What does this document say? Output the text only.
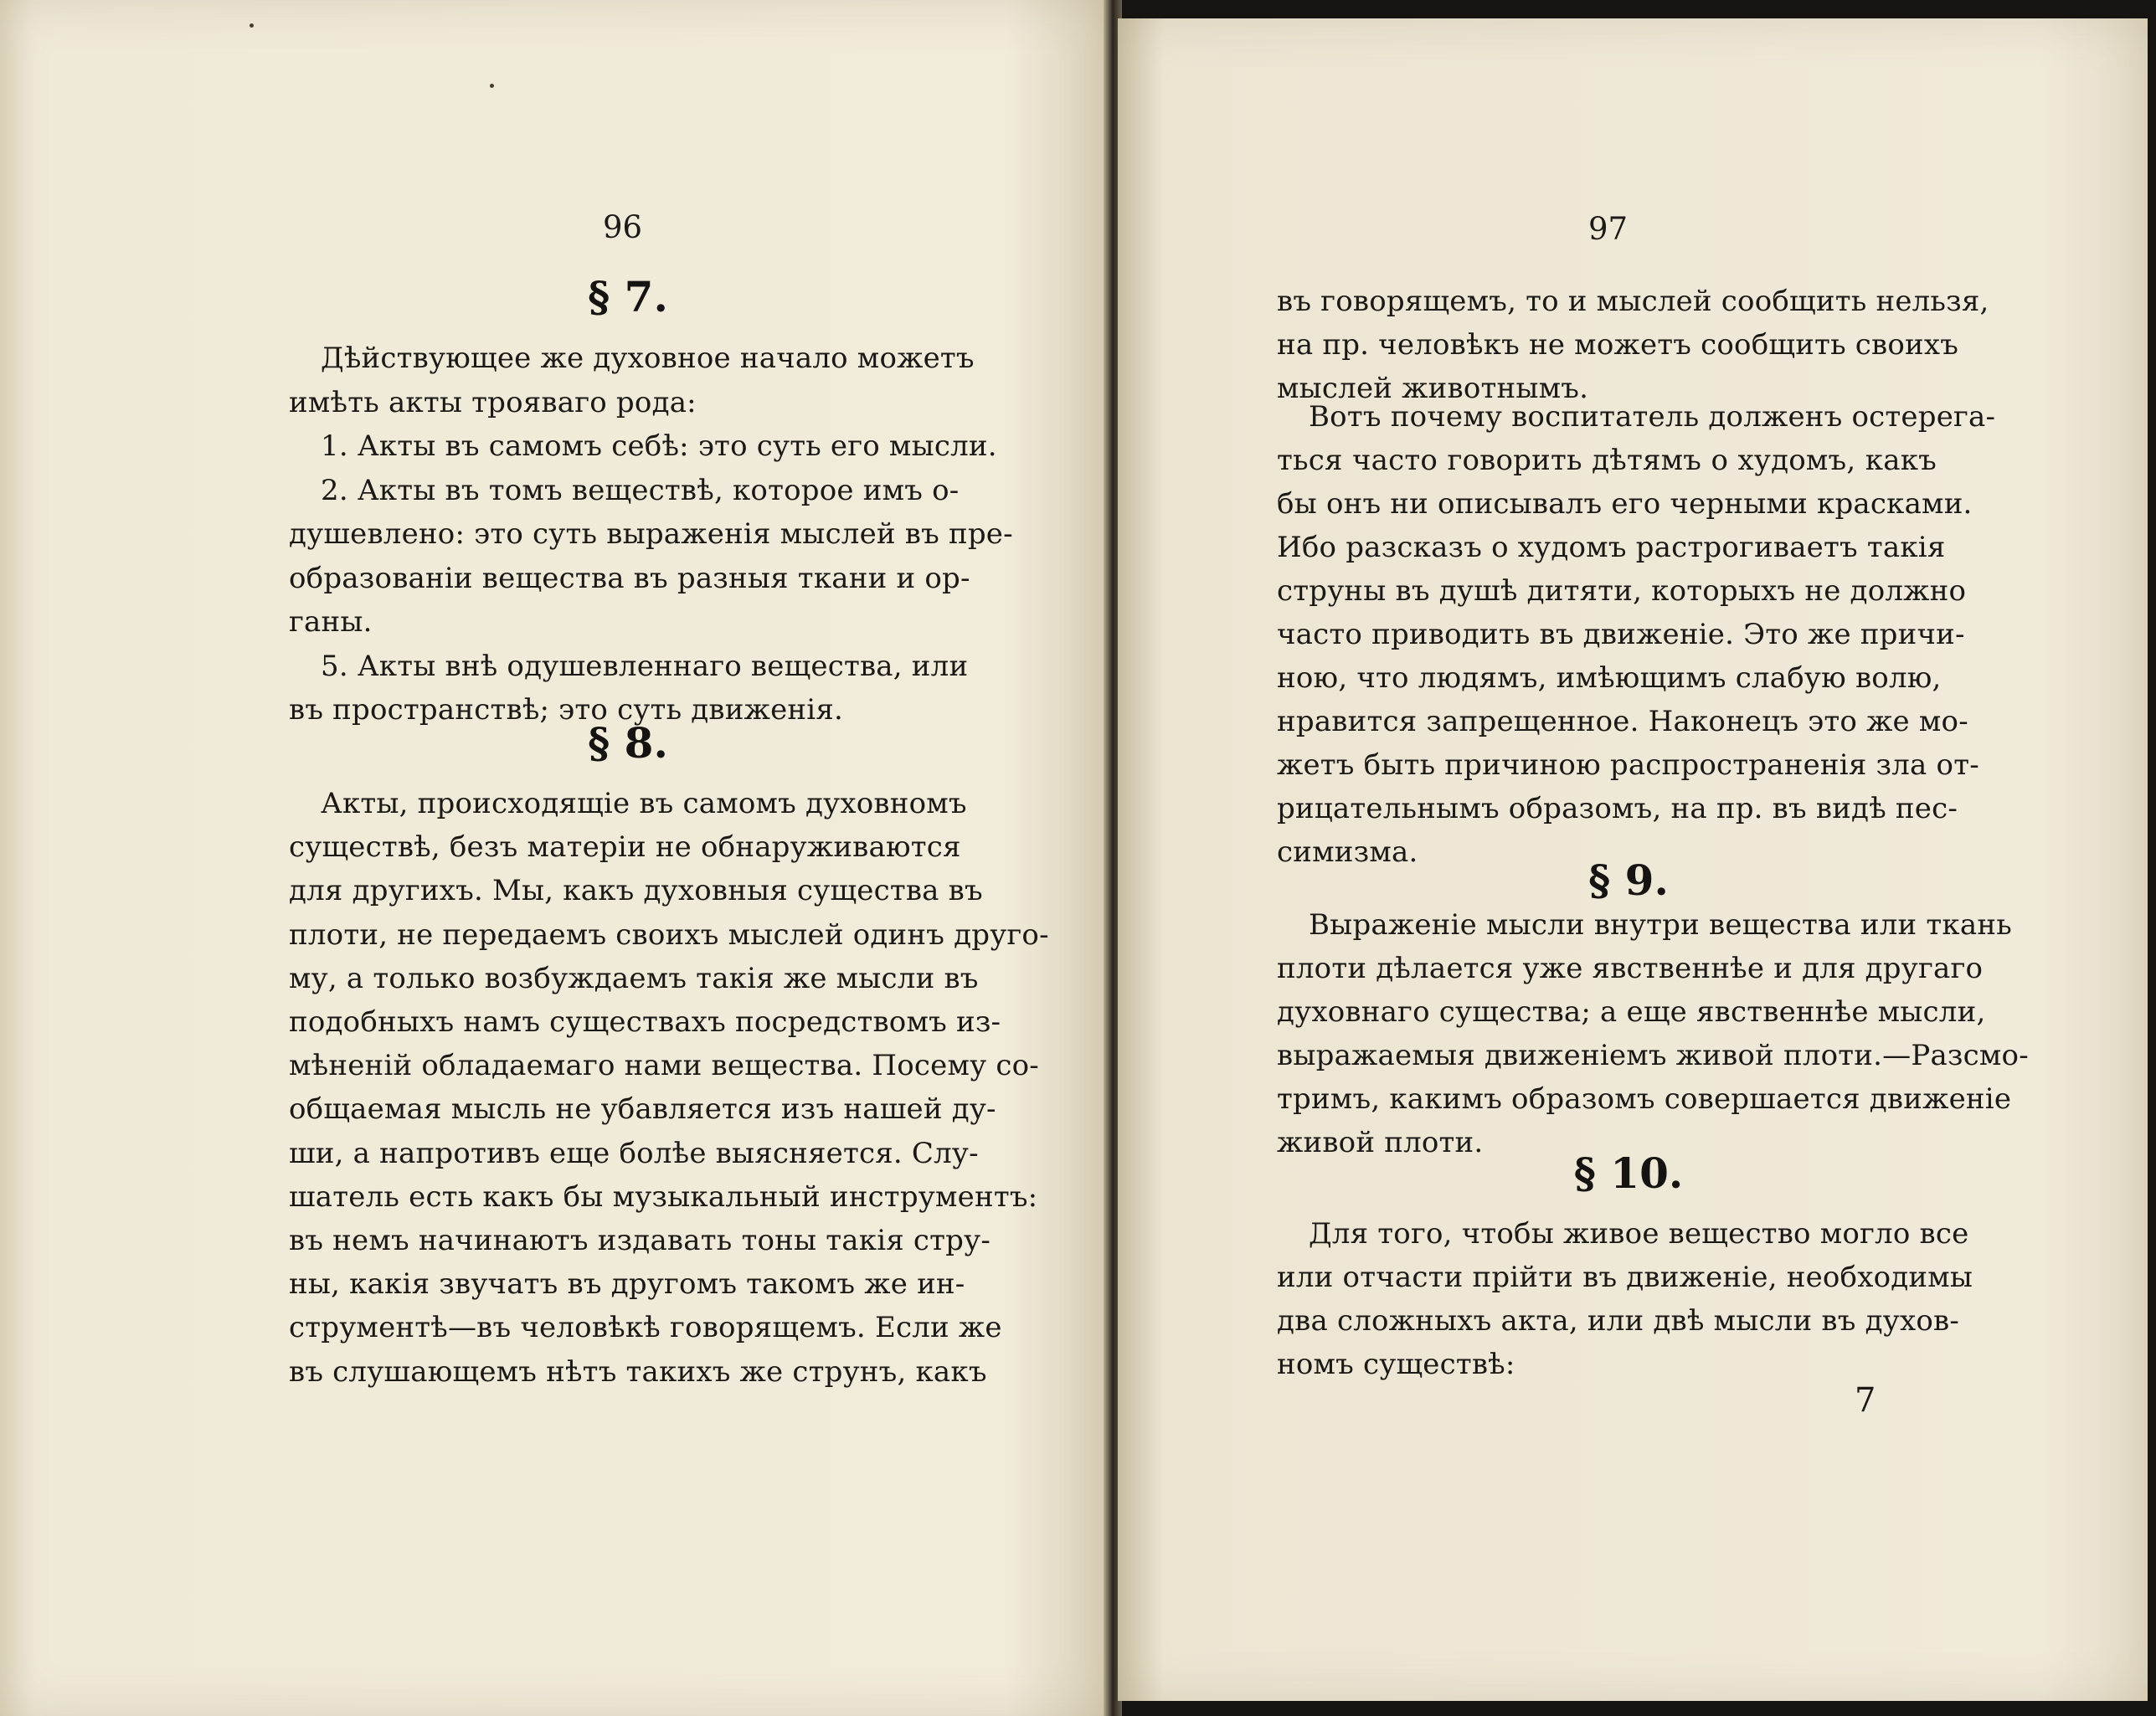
96
§ 7.
Дѣйствующее же духовное начало можетъ
имѣть акты трояваго рода:
1. Акты въ самомъ себѣ: это суть его мысли.
2. Акты въ томъ веществѣ, которое имъ о-
душевлено: это суть выраженія мыслей въ пре-
образованіи вещества въ разныя ткани и ор-
ганы.
5. Акты внѣ одушевленнаго вещества, или
въ пространствѣ; это суть движенія.
§ 8.
Акты, происходящіе въ самомъ духовномъ
существѣ, безъ матеріи не обнаруживаются
для другихъ. Мы, какъ духовныя существа въ
плоти, не передаемъ своихъ мыслей одинъ друго-
му, а только возбуждаемъ такія же мысли въ
подобныхъ намъ существахъ посредствомъ из-
мѣненій обладаемаго нами веществa. Посему со-
общаемая мысль не убавляется изъ нашей ду-
ши, а напротивъ еще болѣе выясняется. Слу-
шатель есть какъ бы музыкальный инструментъ:
въ немъ начинаютъ издавать тоны такія стру-
ны, какія звучатъ въ другомъ такомъ же ин-
струментѣ—въ человѣкѣ говорящемъ. Если же
въ слушающемъ нѣтъ такихъ же струнъ, какъ
97
въ говорящемъ, то и мыслей сообщить нельзя,
на пр. человѣкъ не можетъ сообщить своихъ
мыслей животнымъ.
Вотъ почему воспитатель долженъ остерега-
ться часто говорить дѣтямъ о худомъ, какъ
бы онъ ни описывалъ его черными красками.
Ибо разсказъ о худомъ растрогиваетъ такія
струны въ душѣ дитяти, которыхъ не должно
часто приводить въ движеніе. Это же причи-
ною, что людямъ, имѣющимъ слабую волю,
нравится запрещенное. Наконецъ это же мо-
жетъ быть причиною распространенія зла от-
рицательнымъ образомъ, на пр. въ видѣ пес-
симизма.
§ 9.
Выраженіе мысли внутри вещества или ткань
плоти дѣлается уже явственнѣе и для другаго
духовнаго существа; а еще явственнѣе мысли,
выражаемыя движеніемъ живой плоти.—Разсмо-
тримъ, какимъ образомъ совершается движеніе
живой плоти.
§ 10.
Для того, чтобы живое вещество могло все
или отчасти прійти въ движеніе, необходимы
два сложныхъ акта, или двѣ мысли въ духов-
номъ существѣ:
7
